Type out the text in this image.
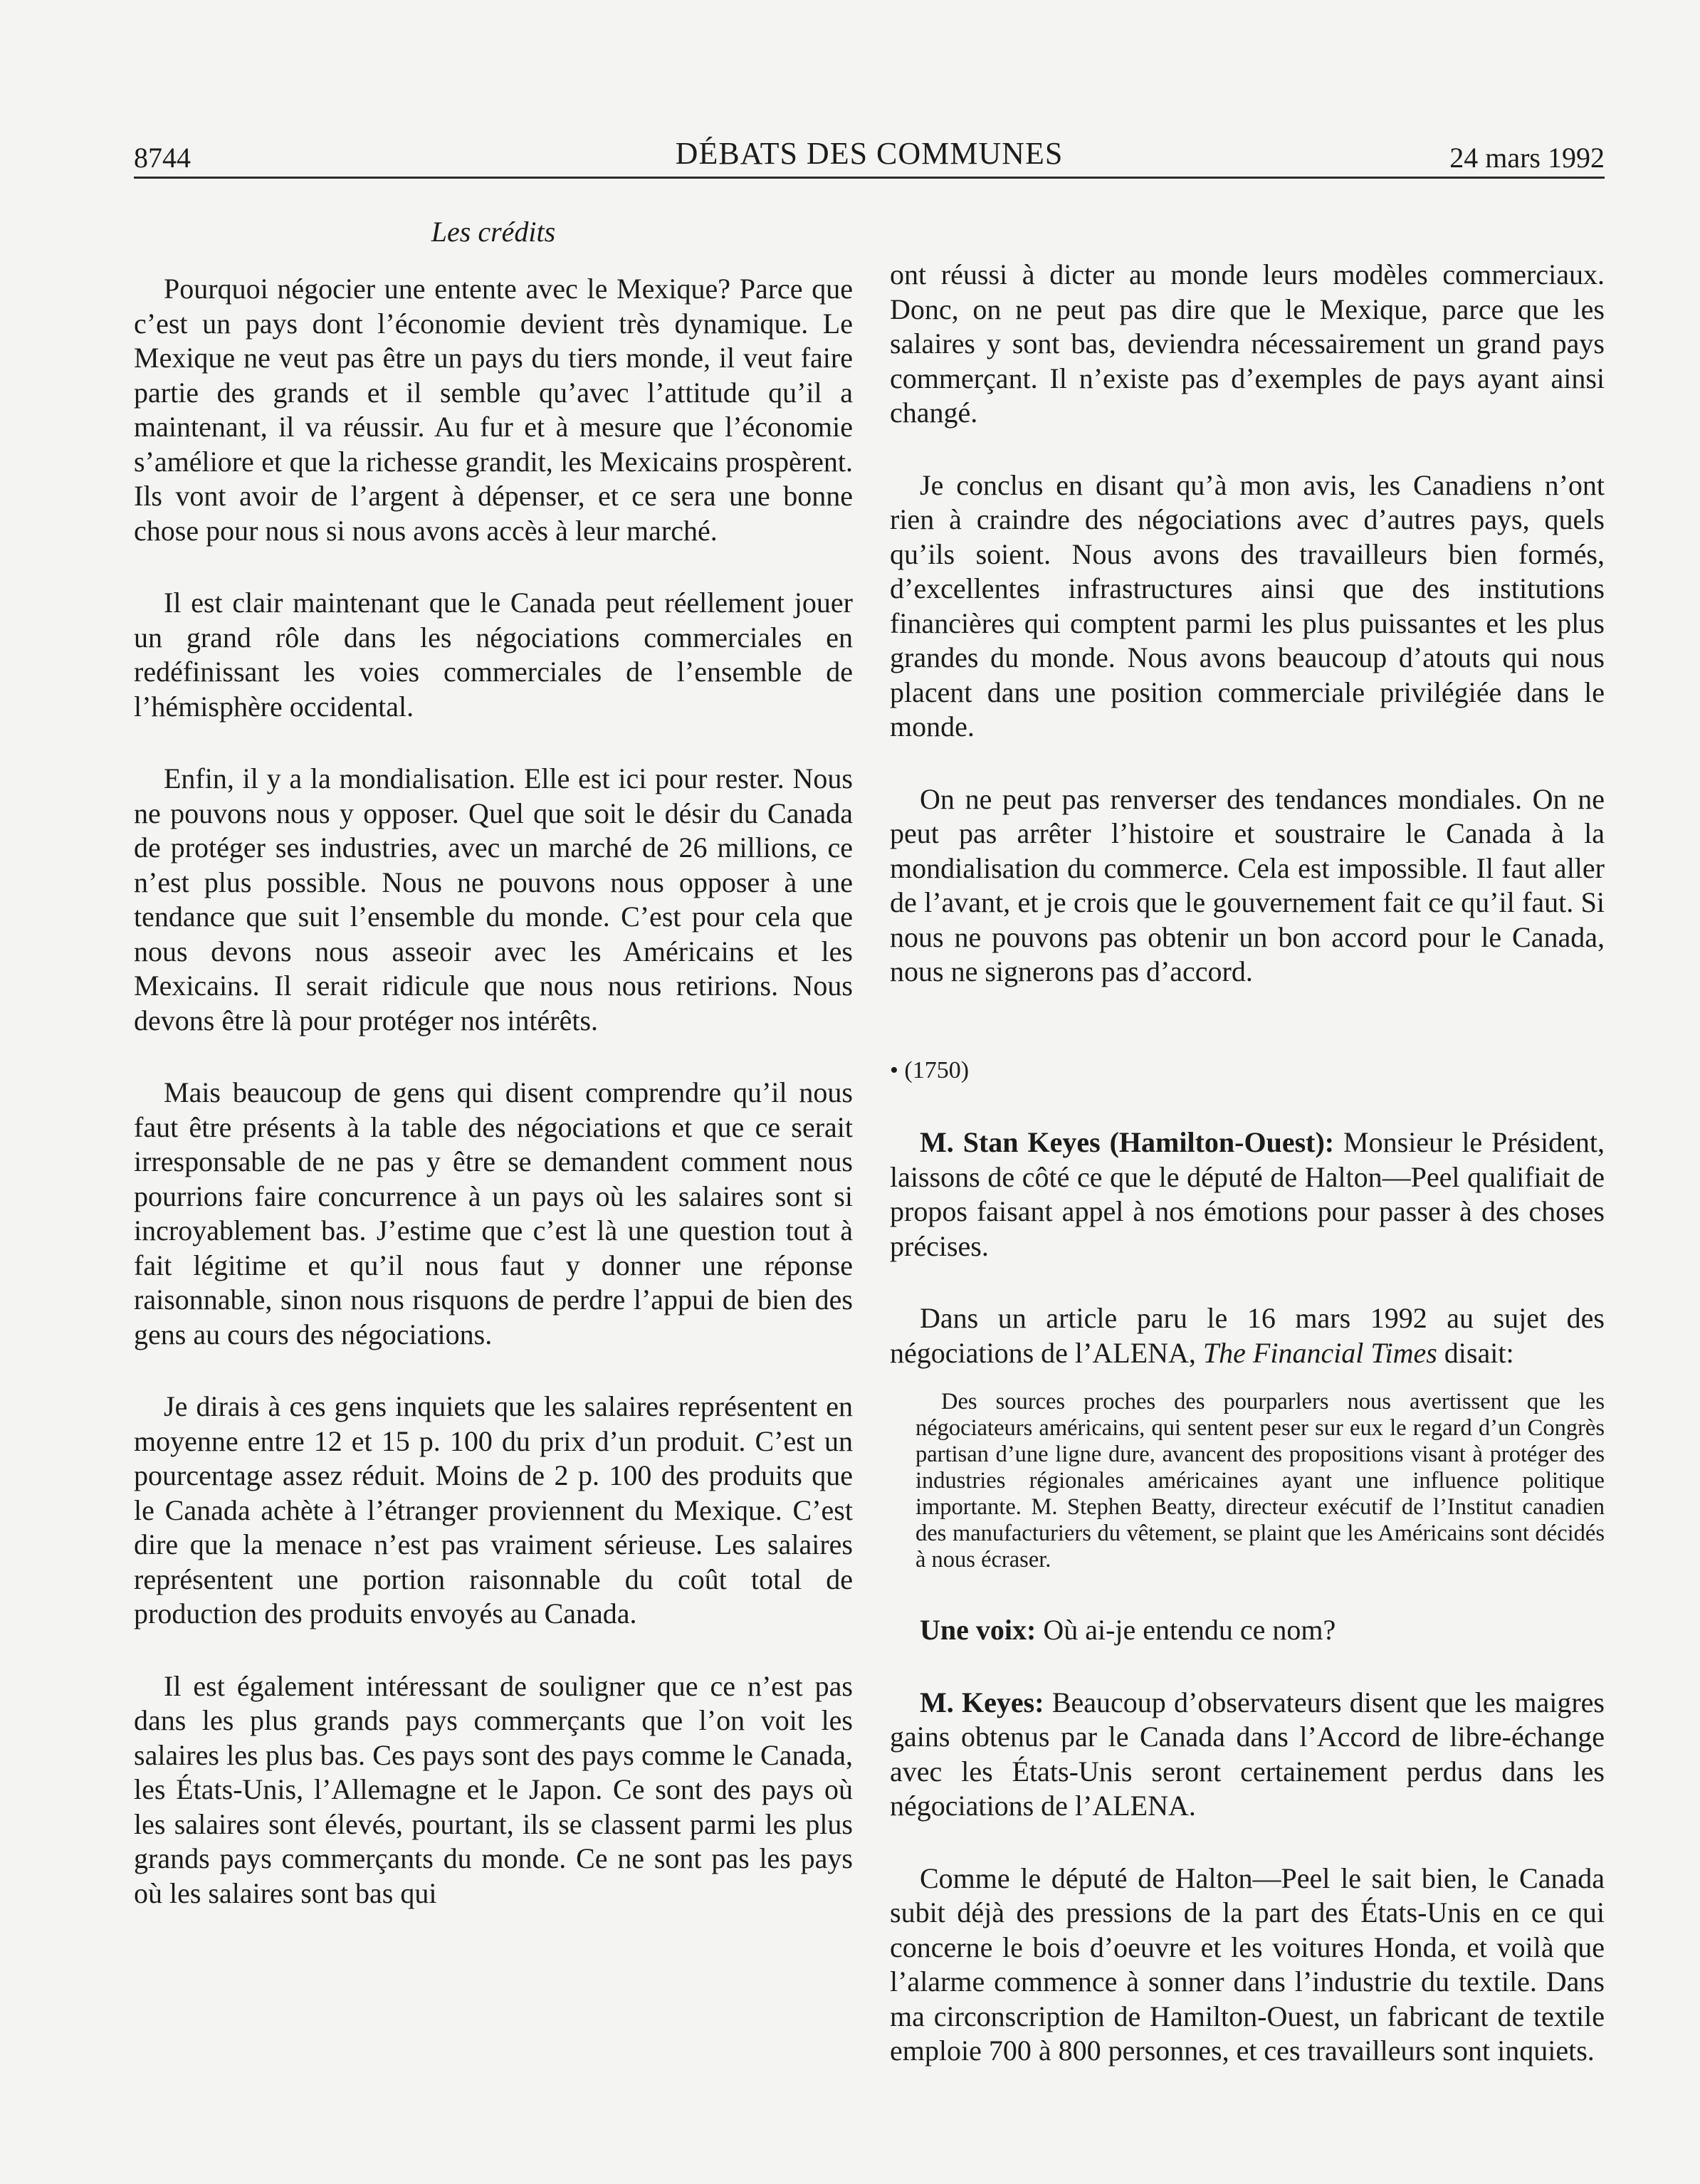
8744	DÉBATS DES COMMUNES	24 mars 1992
Les crédits

Pourquoi négocier une entente avec le Mexique? Parce que c’est un pays dont l’économie devient très dynamique. Le Mexique ne veut pas être un pays du tiers monde, il veut faire partie des grands et il semble qu’avec l’attitude qu’il a maintenant, il va réussir. Au fur et à mesure que l’économie s’améliore et que la richesse grandit, les Mexicains prospèrent. Ils vont avoir de l’argent à dépenser, et ce sera une bonne chose pour nous si nous avons accès à leur marché.

Il est clair maintenant que le Canada peut réellement jouer un grand rôle dans les négociations commerciales en redéfinissant les voies commerciales de l’ensemble de l’hémisphère occidental.

Enfin, il y a la mondialisation. Elle est ici pour rester. Nous ne pouvons nous y opposer. Quel que soit le désir du Canada de protéger ses industries, avec un marché de 26 millions, ce n’est plus possible. Nous ne pouvons nous opposer à une tendance que suit l’ensemble du monde. C’est pour cela que nous devons nous asseoir avec les Américains et les Mexicains. Il serait ridicule que nous nous retirions. Nous devons être là pour protéger nos intérêts.

Mais beaucoup de gens qui disent comprendre qu’il nous faut être présents à la table des négociations et que ce serait irresponsable de ne pas y être se demandent comment nous pourrions faire concurrence à un pays où les salaires sont si incroyablement bas. J’estime que c’est là une question tout à fait légitime et qu’il nous faut y donner une réponse raisonnable, sinon nous risquons de perdre l’appui de bien des gens au cours des négociations.

Je dirais à ces gens inquiets que les salaires représentent en moyenne entre 12 et 15 p. 100 du prix d’un produit. C’est un pourcentage assez réduit. Moins de 2 p. 100 des produits que le Canada achète à l’étranger proviennent du Mexique. C’est dire que la menace n’est pas vraiment sérieuse. Les salaires représentent une portion raisonnable du coût total de production des produits envoyés au Canada.

Il est également intéressant de souligner que ce n’est pas dans les plus grands pays commerçants que l’on voit les salaires les plus bas. Ces pays sont des pays comme le Canada, les États-Unis, l’Allemagne et le Japon. Ce sont des pays où les salaires sont élevés, pourtant, ils se classent parmi les plus grands pays commerçants du monde. Ce ne sont pas les pays où les salaires sont bas qui

ont réussi à dicter au monde leurs modèles commerciaux. Donc, on ne peut pas dire que le Mexique, parce que les salaires y sont bas, deviendra nécessairement un grand pays commerçant. Il n’existe pas d’exemples de pays ayant ainsi changé.

Je conclus en disant qu’à mon avis, les Canadiens n’ont rien à craindre des négociations avec d’autres pays, quels qu’ils soient. Nous avons des travailleurs bien formés, d’excellentes infrastructures ainsi que des institutions financières qui comptent parmi les plus puissantes et les plus grandes du monde. Nous avons beaucoup d’atouts qui nous placent dans une position commerciale privilégiée dans le monde.

On ne peut pas renverser des tendances mondiales. On ne peut pas arrêter l’histoire et soustraire le Canada à la mondialisation du commerce. Cela est impossible. Il faut aller de l’avant, et je crois que le gouvernement fait ce qu’il faut. Si nous ne pouvons pas obtenir un bon accord pour le Canada, nous ne signerons pas d’accord.

• (1750)

M. Stan Keyes (Hamilton-Ouest): Monsieur le Président, laissons de côté ce que le député de Halton—Peel qualifiait de propos faisant appel à nos émotions pour passer à des choses précises.

Dans un article paru le 16 mars 1992 au sujet des négociations de l’ALENA, The Financial Times disait:

Des sources proches des pourparlers nous avertissent que les négociateurs américains, qui sentent peser sur eux le regard d’un Congrès partisan d’une ligne dure, avancent des propositions visant à protéger des industries régionales américaines ayant une influence politique importante. M. Stephen Beatty, directeur exécutif de l’Institut canadien des manufacturiers du vêtement, se plaint que les Américains sont décidés à nous écraser.

Une voix: Où ai-je entendu ce nom?

M. Keyes: Beaucoup d’observateurs disent que les maigres gains obtenus par le Canada dans l’Accord de libre-échange avec les États-Unis seront certainement perdus dans les négociations de l’ALENA.

Comme le député de Halton—Peel le sait bien, le Canada subit déjà des pressions de la part des États-Unis en ce qui concerne le bois d’oeuvre et les voitures Honda, et voilà que l’alarme commence à sonner dans l’industrie du textile. Dans ma circonscription de Hamilton-Ouest, un fabricant de textile emploie 700 à 800 personnes, et ces travailleurs sont inquiets.
